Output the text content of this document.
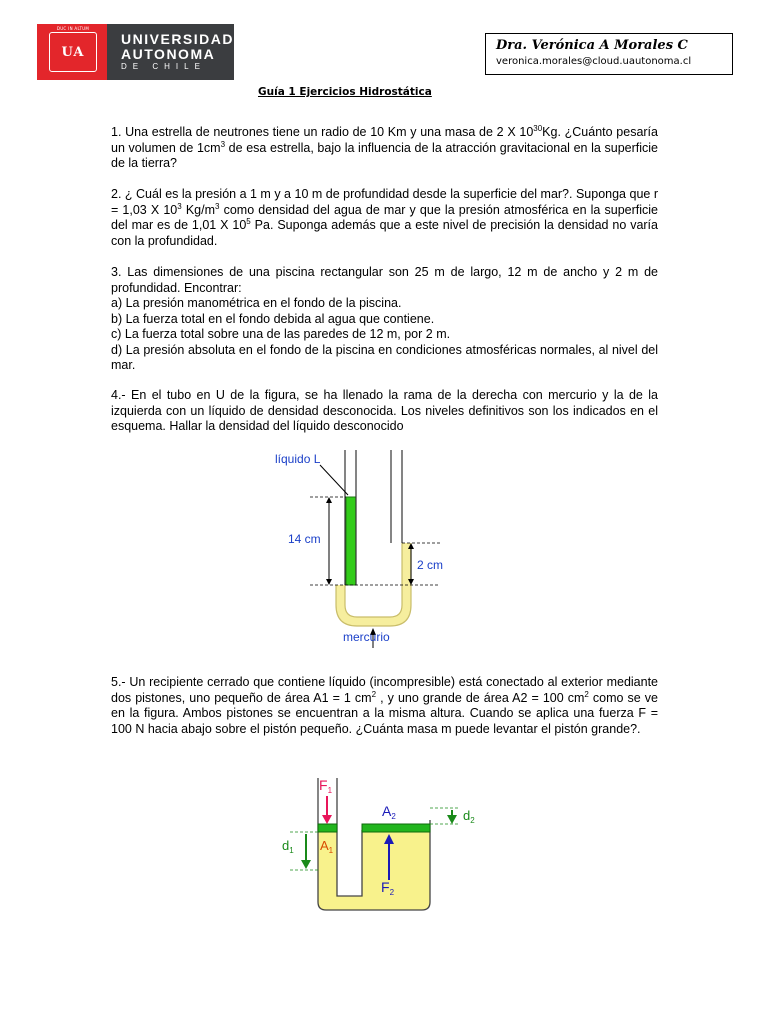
DUC IN ALTUM
UA
UNIVERSIDAD
AUTONOMA
DE CHILE
Dra. Verónica A Morales C
veronica.morales@cloud.uautonoma.cl
Guía 1 Ejercicios Hidrostática

1. Una estrella de neutrones tiene un radio de 10 Km y una masa de 2 X $10^{30}Kg$. ¿Cuánto pesaría un volumen de $1cm^3$ de esa estrella, bajo la influencia de la atracción gravitacional en la superficie de la tierra?

2. ¿ Cuál es la presión a 1 m y a 10 m de profundidad desde la superficie del mar?. Suponga que r = 1,03 X $10^3$ $Kg/m^3$ como densidad del agua de mar y que la presión atmosférica en la superficie del mar es de 1,01 X $10^5$ Pa. Suponga además que a este nivel de precisión la densidad no varía con la profundidad.

3. Las dimensiones de una piscina rectangular son 25 m de largo, 12 m de ancho y 2 m de profundidad. Encontrar:

a) La presión manométrica en el fondo de la piscina.

b) La fuerza total en el fondo debida al agua que contiene.

c) La fuerza total sobre una de las paredes de 12 m, por 2 m.

d) La presión absoluta en el fondo de la piscina en condiciones atmosféricas normales, al nivel del mar.

4.- En el tubo en U de la figura, se ha llenado la rama de la derecha con mercurio y la de la izquierda con un líquido de densidad desconocida. Los niveles definitivos son los indicados en el esquema. Hallar la densidad del líquido desconocido

líquido L
14 cm
2 cm
mercurio

5.- Un recipiente cerrado que contiene líquido (incompresible) está conectado al exterior mediante dos pistones, uno pequeño de área A1 = 1 $cm^2$ , y uno grande de área A2 = 100 $cm^2$ como se ve en la figura. Ambos pistones se encuentran a la misma altura. Cuando se aplica una fuerza F = 100 N hacia abajo sobre el pistón pequeño. ¿Cuánta masa m puede levantar el pistón grande?.

$F_1$
$A_1$
$A_2$
$F_2$
$d_1$
$d_2$
